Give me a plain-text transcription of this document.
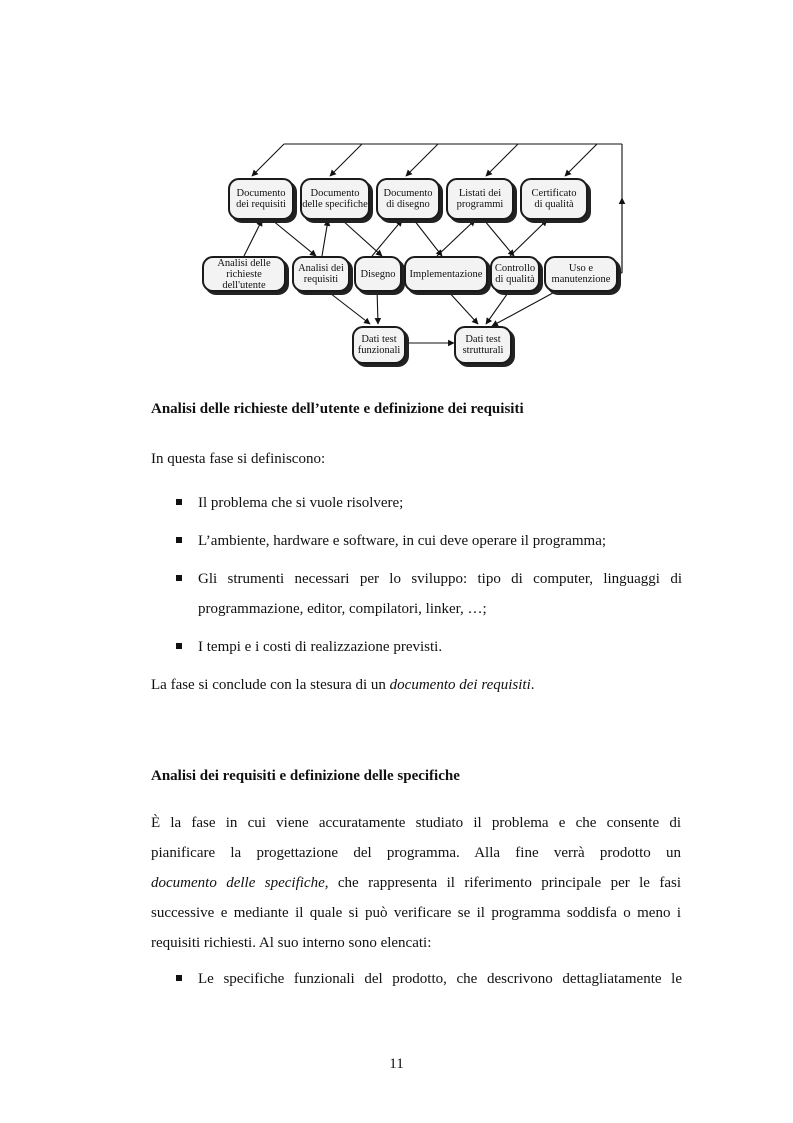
Documento
dei requisiti
Documento
delle specifiche
Documento
di disegno
Listati dei
programmi
Certificato
di qualità
Analisi delle
richieste dell'utente
Analisi dei
requisiti	Disegno	Implementazione	Controllo
di qualità
Uso e
manutenzione
Dati test
funzionali
Dati test
strutturali
Analisi delle richieste dell’utente e definizione dei requisiti
In questa fase si definiscono:
Il problema che si vuole risolvere;
L’ambiente, hardware e software, in cui deve operare il programma;
Gli strumenti necessari per lo sviluppo: tipo di computer, linguaggi di
programmazione, editor, compilatori, linker, …;
I tempi e i costi di realizzazione previsti.
La fase si conclude con la stesura di un documento dei requisiti.
Analisi dei requisiti e definizione delle specifiche
È la fase in cui viene accuratamente studiato il problema e che consente di
pianificare la progettazione del programma. Alla fine verrà prodotto un
documento delle specifiche, che rappresenta il riferimento principale per le fasi
successive e mediante il quale si può verificare se il programma soddisfa o meno i
requisiti richiesti. Al suo interno sono elencati:
Le specifiche funzionali del prodotto, che descrivono dettagliatamente le
11
